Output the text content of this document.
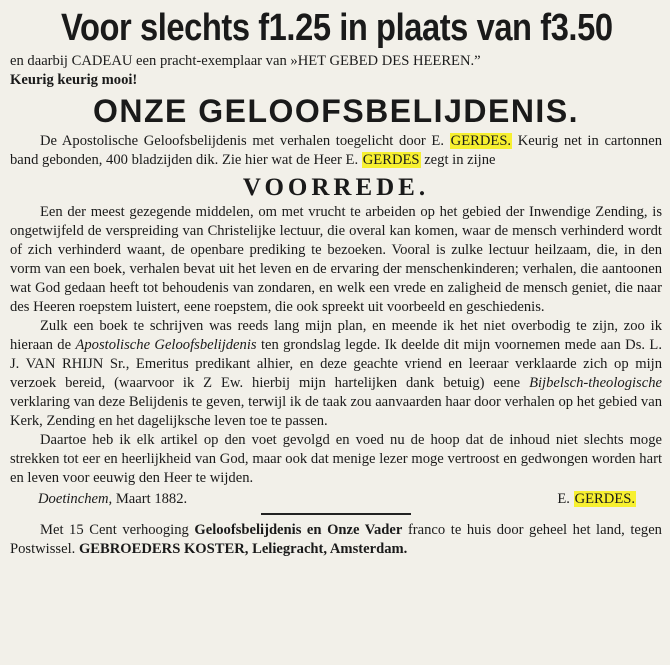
Voor slechts f1.25 in plaats van f3.50
en daarbij CADEAU een pracht-exemplaar van »HET GEBED DES HEEREN.”
Keurig keurig mooi!
ONZE GELOOFSBELIJDENIS.
De Apostolische Geloofsbelijdenis met verhalen toegelicht door E. GERDES. Keurig net in cartonnen band gebonden, 400 bladzijden dik. Zie hier wat de Heer E. GERDES zegt in zijne
VOORREDE.
Een der meest gezegende middelen, om met vrucht te arbeiden op het gebied der Inwendige Zending, is ongetwijfeld de verspreiding van Christelijke lectuur, die overal kan komen, waar de mensch verhinderd wordt of zich verhinderd waant, de openbare prediking te bezoeken. Vooral is zulke lectuur heilzaam, die, in den vorm van een boek, verhalen bevat uit het leven en de ervaring der menschenkinderen; verhalen, die aantoonen wat God gedaan heeft tot behoudenis van zondaren, en welk een vrede en zaligheid de mensch geniet, die naar des Heeren roepstem luistert, eene roepstem, die ook spreekt uit voorbeeld en geschiedenis.
Zulk een boek te schrijven was reeds lang mijn plan, en meende ik het niet overbodig te zijn, zoo ik hieraan de Apostolische Geloofsbelijdenis ten grondslag legde. Ik deelde dit mijn voornemen mede aan Ds. L. J. VAN RHIJN Sr., Emeritus predikant alhier, en deze geachte vriend en leeraar verklaarde zich op mijn verzoek bereid, (waarvoor ik Z Ew. hierbij mijn hartelijken dank betuig) eene Bijbelsch-theologische verklaring van deze Belijdenis te geven, terwijl ik de taak zou aanvaarden haar door verhalen op het gebied van Kerk, Zending en het dagelijksche leven toe te passen.
Daartoe heb ik elk artikel op den voet gevolgd en voed nu de hoop dat de inhoud niet slechts moge strekken tot eer en heerlijkheid van God, maar ook dat menige lezer moge vertroost en gedwongen worden hart en leven voor eeuwig den Heer te wijden.
Doetinchem, Maart 1882.	E. GERDES.
Met 15 Cent verhooging Geloofsbelijdenis en Onze Vader franco te huis door geheel het land, tegen Postwissel. GEBROEDERS KOSTER, Leliegracht, Amsterdam.
